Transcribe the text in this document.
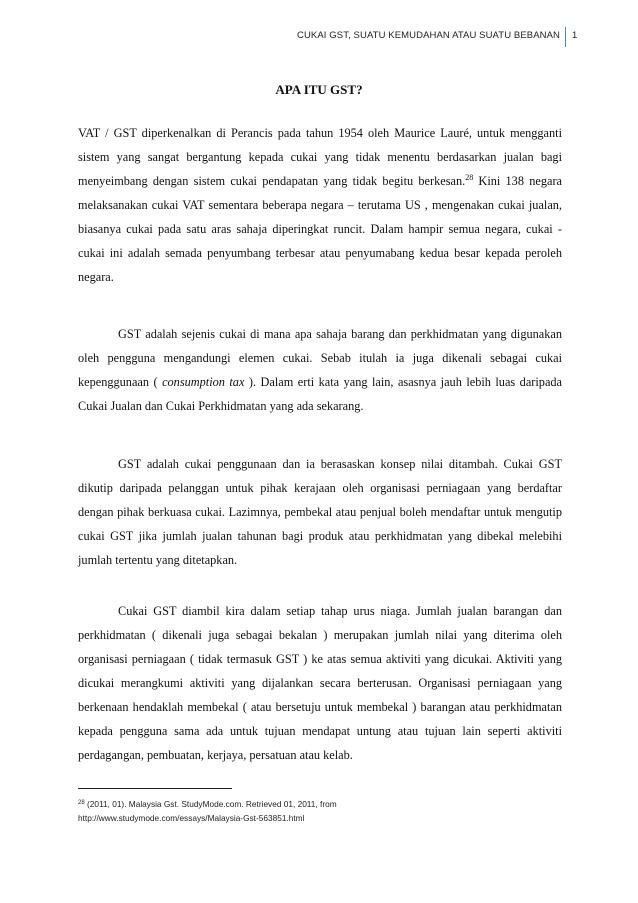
CUKAI GST, SUATU KEMUDAHAN ATAU SUATU BEBANAN 1
APA ITU GST?

VAT / GST diperkenalkan di Perancis pada tahun 1954 oleh Maurice Lauré, untuk mengganti sistem yang sangat bergantung kepada cukai yang tidak menentu berdasarkan jualan bagi menyeimbang dengan sistem cukai pendapatan yang tidak begitu berkesan.$^{28}$ Kini 138 negara melaksanakan cukai VAT sementara beberapa negara – terutama US , mengenakan cukai jualan, biasanya cukai pada satu aras sahaja diperingkat runcit. Dalam hampir semua negara, cukai - cukai ini adalah semada penyumbang terbesar atau penyumabang kedua besar kepada peroleh negara.

GST adalah sejenis cukai di mana apa sahaja barang dan perkhidmatan yang digunakan oleh pengguna mengandungi elemen cukai. Sebab itulah ia juga dikenali sebagai cukai kepenggunaan ( consumption tax ). Dalam erti kata yang lain, asasnya jauh lebih luas daripada Cukai Jualan dan Cukai Perkhidmatan yang ada sekarang.

GST adalah cukai penggunaan dan ia berasaskan konsep nilai ditambah. Cukai GST dikutip daripada pelanggan untuk pihak kerajaan oleh organisasi perniagaan yang berdaftar dengan pihak berkuasa cukai. Lazimnya, pembekal atau penjual boleh mendaftar untuk mengutip cukai GST jika jumlah jualan tahunan bagi produk atau perkhidmatan yang dibekal melebihi jumlah tertentu yang ditetapkan.

Cukai GST diambil kira dalam setiap tahap urus niaga. Jumlah jualan barangan dan perkhidmatan ( dikenali juga sebagai bekalan ) merupakan jumlah nilai yang diterima oleh organisasi perniagaan ( tidak termasuk GST ) ke atas semua aktiviti yang dicukai. Aktiviti yang dicukai merangkumi aktiviti yang dijalankan secara berterusan. Organisasi perniagaan yang berkenaan hendaklah membekal ( atau bersetuju untuk membekal ) barangan atau perkhidmatan kepada pengguna sama ada untuk tujuan mendapat untung atau tujuan lain seperti aktiviti perdagangan, pembuatan, kerjaya, persatuan atau kelab.

$^{28}$ (2011, 01). Malaysia Gst. StudyMode.com. Retrieved 01, 2011, from
http://www.studymode.com/essays/Malaysia-Gst-563851.html
